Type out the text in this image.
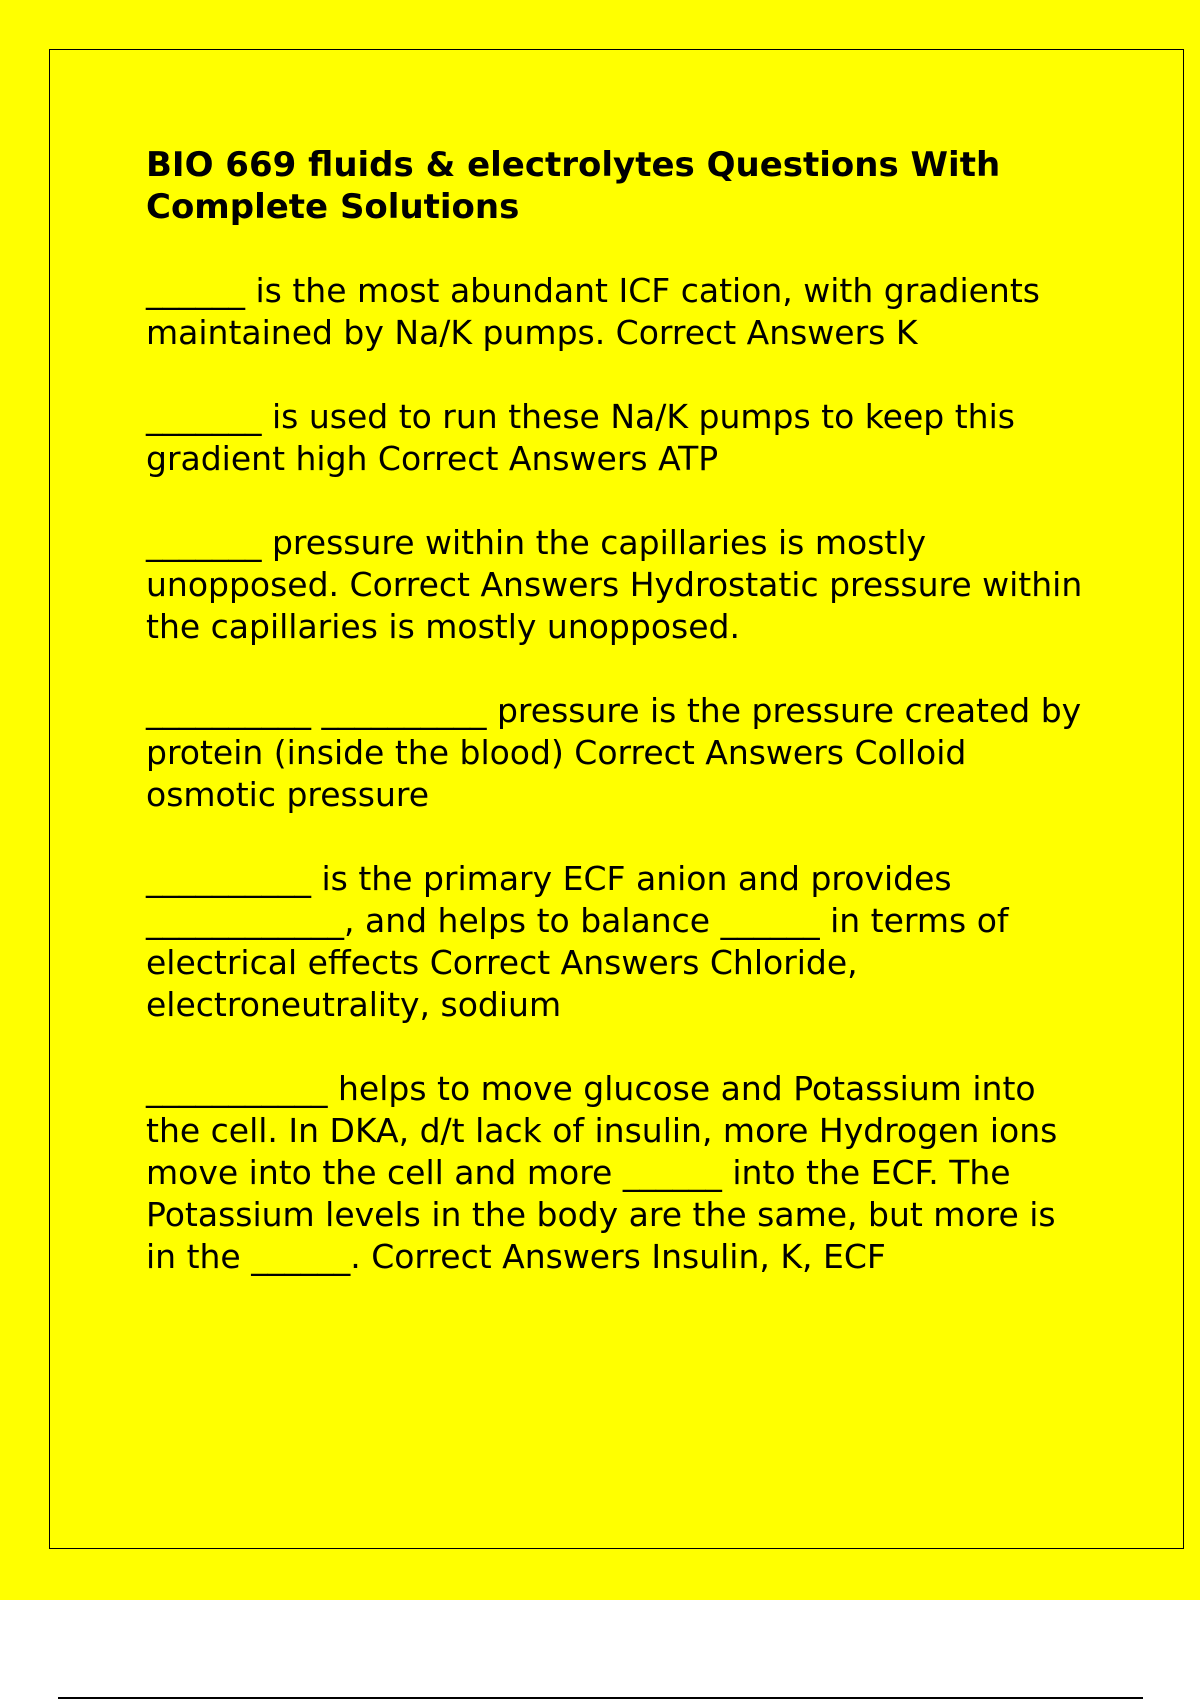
BIO 669 fluids & electrolytes Questions With Complete Solutions

______ is the most abundant ICF cation, with gradients maintained by Na/K pumps. Correct Answers K

_______ is used to run these Na/K pumps to keep this gradient high Correct Answers ATP

_______ pressure within the capillaries is mostly unopposed. Correct Answers Hydrostatic pressure within the capillaries is mostly unopposed.

__________ __________ pressure is the pressure created by protein (inside the blood) Correct Answers Colloid osmotic pressure

__________ is the primary ECF anion and provides ____________, and helps to balance ______ in terms of electrical effects Correct Answers Chloride, electroneutrality, sodium

___________ helps to move glucose and Potassium into the cell. In DKA, d/t lack of insulin, more Hydrogen ions move into the cell and more ______ into the ECF. The Potassium levels in the body are the same, but more is in the ______. Correct Answers Insulin, K, ECF
